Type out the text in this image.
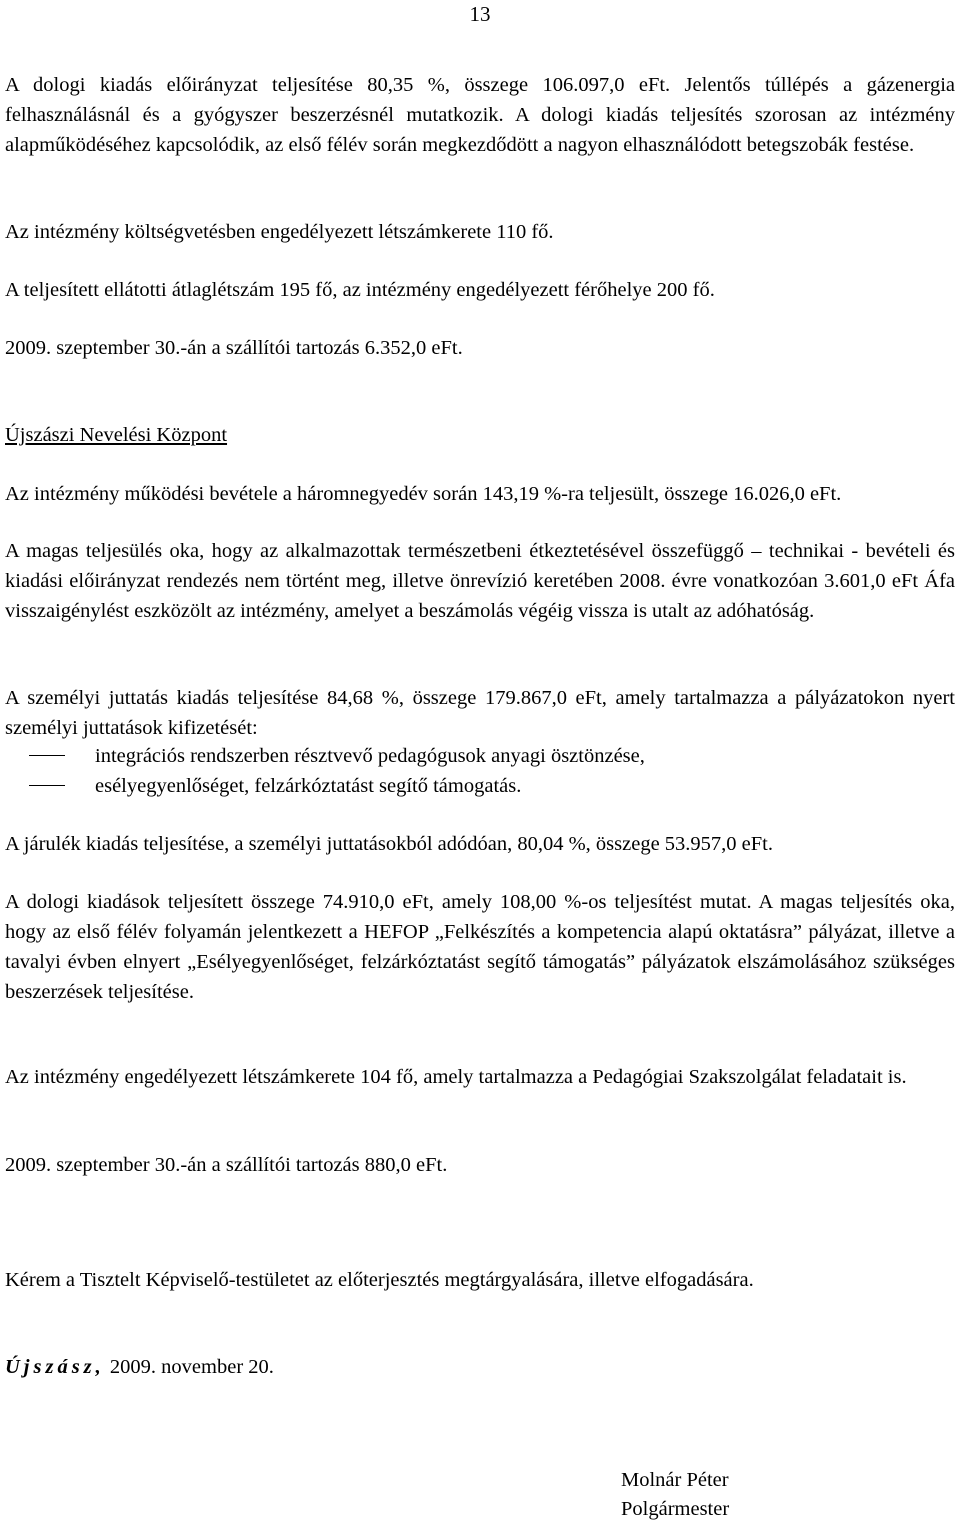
13
A dologi kiadás előirányzat teljesítése 80,35 %, összege 106.097,0 eFt. Jelentős túllépés a gázenergia felhasználásnál és a gyógyszer beszerzésnél mutatkozik. A dologi kiadás teljesítés szorosan az intézmény alapműködéséhez kapcsolódik, az első félév során megkezdődött a nagyon elhasználódott betegszobák festése.
Az intézmény költségvetésben engedélyezett létszámkerete 110 fő.
A teljesített ellátotti átlaglétszám 195 fő, az intézmény engedélyezett férőhelye 200 fő.
2009. szeptember 30.-án a szállítói tartozás 6.352,0 eFt.
Újszászi Nevelési Központ
Az intézmény működési bevétele a háromnegyedév során 143,19 %-ra teljesült, összege 16.026,0 eFt.
A magas teljesülés oka, hogy az alkalmazottak természetbeni étkeztetésével összefüggő – technikai - bevételi és kiadási előirányzat rendezés nem történt meg, illetve önrevízió keretében 2008. évre vonatkozóan 3.601,0 eFt Áfa visszaigénylést eszközölt az intézmény, amelyet a beszámolás végéig vissza is utalt az adóhatóság.
A személyi juttatás kiadás teljesítése 84,68 %, összege 179.867,0 eFt, amely tartalmazza a pályázatokon nyert személyi juttatások kifizetését:
integrációs rendszerben résztvevő pedagógusok anyagi ösztönzése,
esélyegyenlőséget, felzárkóztatást segítő támogatás.
A járulék kiadás teljesítése, a személyi juttatásokból adódóan, 80,04 %, összege 53.957,0 eFt.
A dologi kiadások teljesített összege 74.910,0 eFt, amely 108,00 %-os teljesítést mutat. A magas teljesítés oka, hogy az első félév folyamán jelentkezett a HEFOP „Felkészítés a kompetencia alapú oktatásra” pályázat, illetve a tavalyi évben elnyert „Esélyegyenlőséget, felzárkóztatást segítő támogatás” pályázatok elszámolásához szükséges beszerzések teljesítése.
Az intézmény engedélyezett létszámkerete 104 fő, amely tartalmazza a Pedagógiai Szakszolgálat feladatait is.
2009. szeptember 30.-án a szállítói tartozás 880,0 eFt.
Kérem a Tisztelt Képviselő-testületet az előterjesztés megtárgyalására, illetve elfogadására.
Újszász, 2009. november 20.
Molnár Péter
Polgármester
